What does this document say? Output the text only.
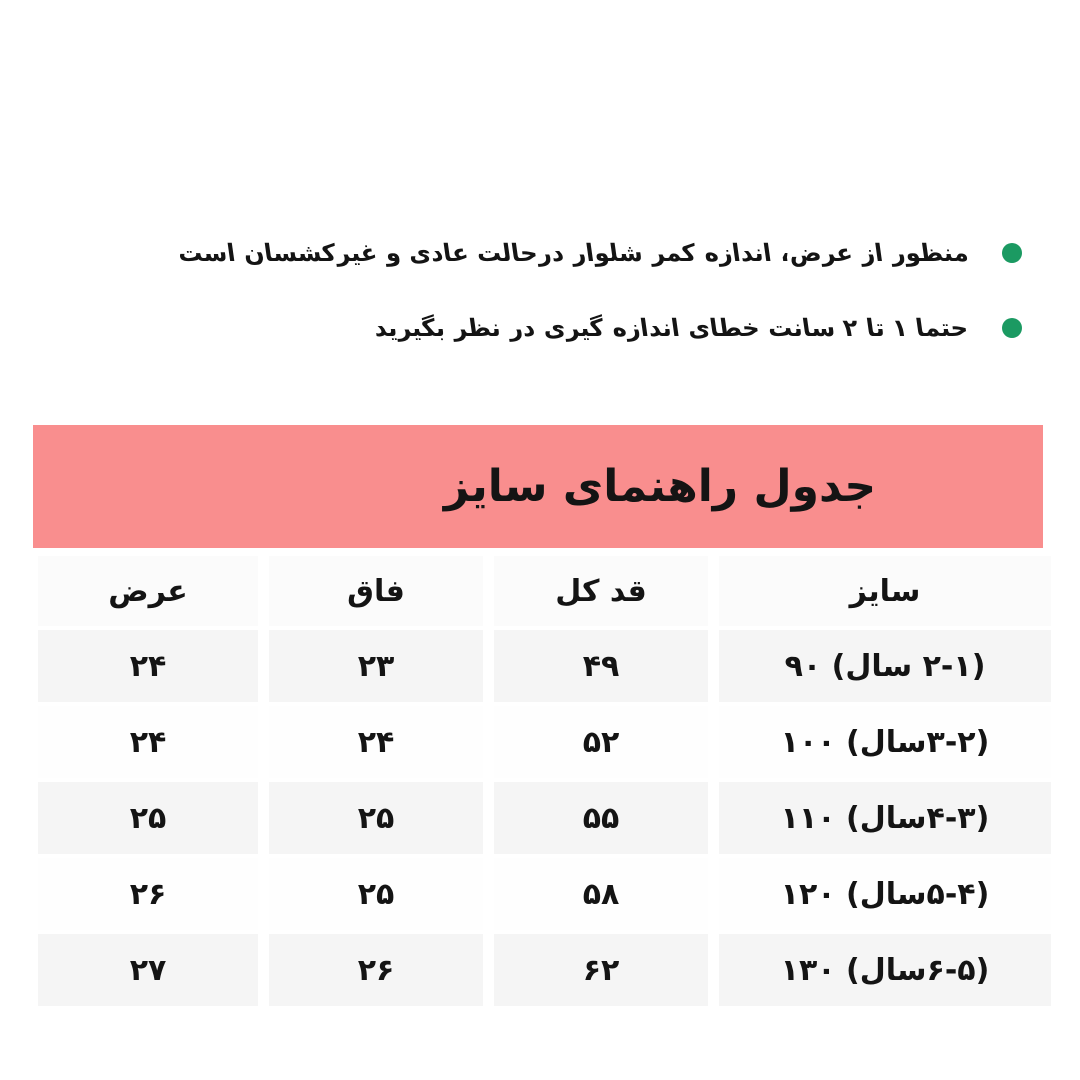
منظور از عرض، اندازه کمر شلوار درحالت عادی و غیرکشسان است
حتما ۱ تا ۲ سانت خطای اندازه گیری در نظر بگیرید
جدول راهنمای سایز
سایز
قد کل
فاق
عرض
(۲-۱ سال) ۹۰
۴۹
۲۳
۲۴
(۳-۲سال) ۱۰۰
۵۲
۲۴
۲۴
(۴-۳سال) ۱۱۰
۵۵
۲۵
۲۵
(۵-۴سال) ۱۲۰
۵۸
۲۵
۲۶
(۶-۵سال) ۱۳۰
۶۲
۲۶
۲۷
